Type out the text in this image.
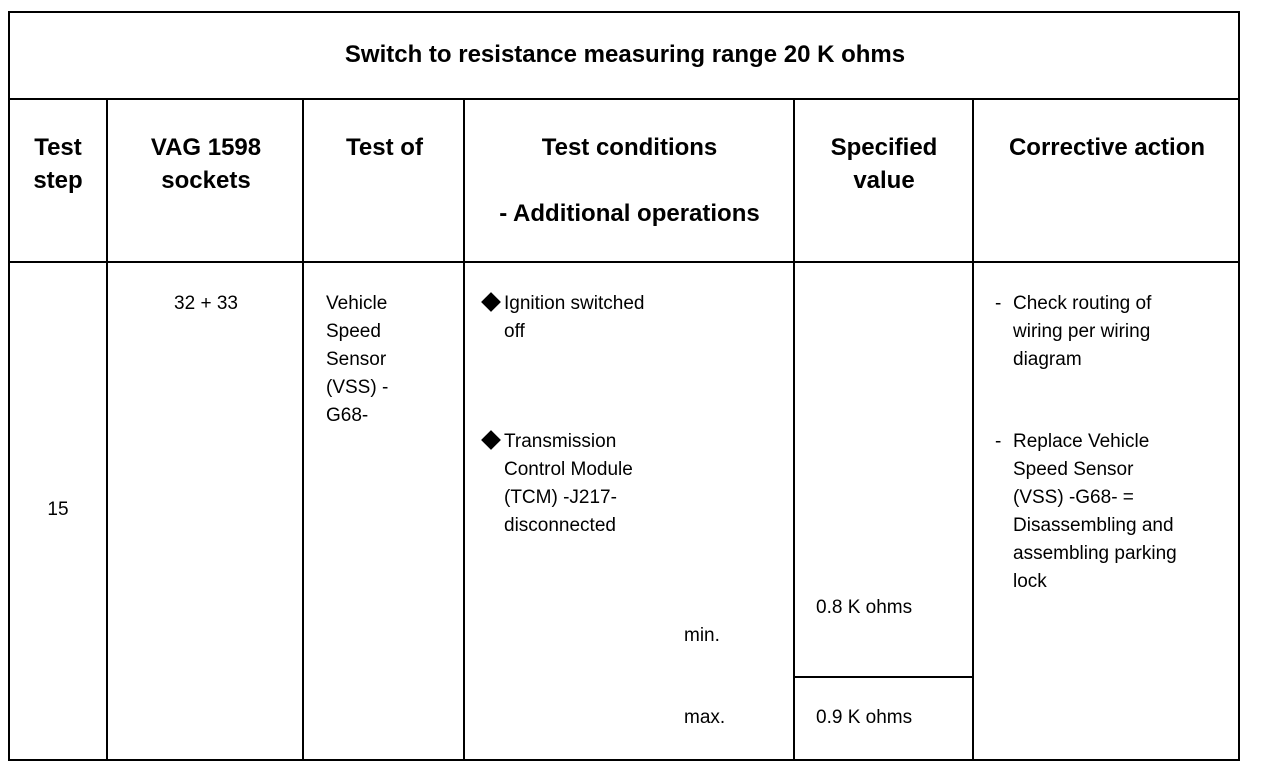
Switch to resistance measuring range 20 K ohms
Test
step
VAG 1598
sockets
Test of	Test conditions
- Additional operations
Specified
value
Corrective action
15
32 + 33	Vehicle
Speed
Sensor
(VSS) -
G68-
Ignition switched
off
Transmission
Control Module
(TCM) -J217-
disconnected
min.
max.
0.8 K ohms
0.9 K ohms
- Check routing of
wiring per wiring
diagram
- Replace Vehicle
Speed Sensor
(VSS) -G68- =
Disassembling and
assembling parking
lock
